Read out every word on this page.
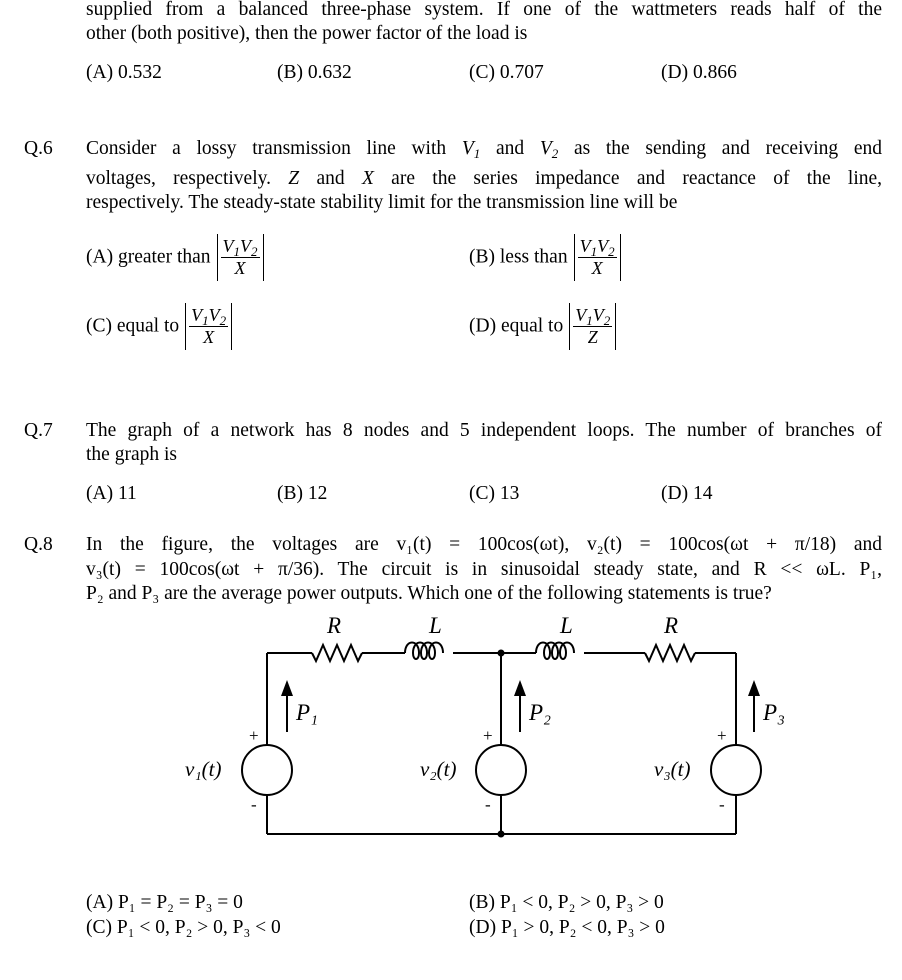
supplied from a balanced three-phase system. If one of the wattmeters reads half of the
other (both positive), then the power factor of the load is
(A) 0.532	(B) 0.632	(C) 0.707	(D) 0.866
Q.6 Consider a lossy transmission line with $V_1$ and $V_2$ as the sending and receiving end
voltages, respectively. Z and X are the series impedance and reactance of the line,
respectively. The steady-state stability limit for the transmission line will be
(A) greater than $\frac{V_1V_2}{X}$	(B) less than $\frac{V_1V_2}{X}$
(C) equal to $\frac{V_1V_2}{X}$	(D) equal to $\frac{V_1V_2}{Z}$
Q.7 The graph of a network has 8 nodes and 5 independent loops. The number of branches of
the graph is
(A) 11	(B) 12	(C) 13	(D) 14
Q.8 In the figure, the voltages are v₁(t) = 100cos(ωt), v₂(t) = 100cos(ωt + π/18) and
v₃(t) = 100cos(ωt + π/36). The circuit is in sinusoidal steady state, and R << ωL. P₁,
P₂ and P₃ are the average power outputs. Which one of the following statements is true?
R	L	L	R
P₁	P₂	P₃
v₁(t)	v₂(t)	v₃(t)
+
-
+
-
+
-
(A) P₁ = P₂ = P₃ = 0	(B) P₁ < 0, P₂ > 0, P₃ > 0
(C) P₁ < 0, P₂ > 0, P₃ < 0	(D) P₁ > 0, P₂ < 0, P₃ > 0
